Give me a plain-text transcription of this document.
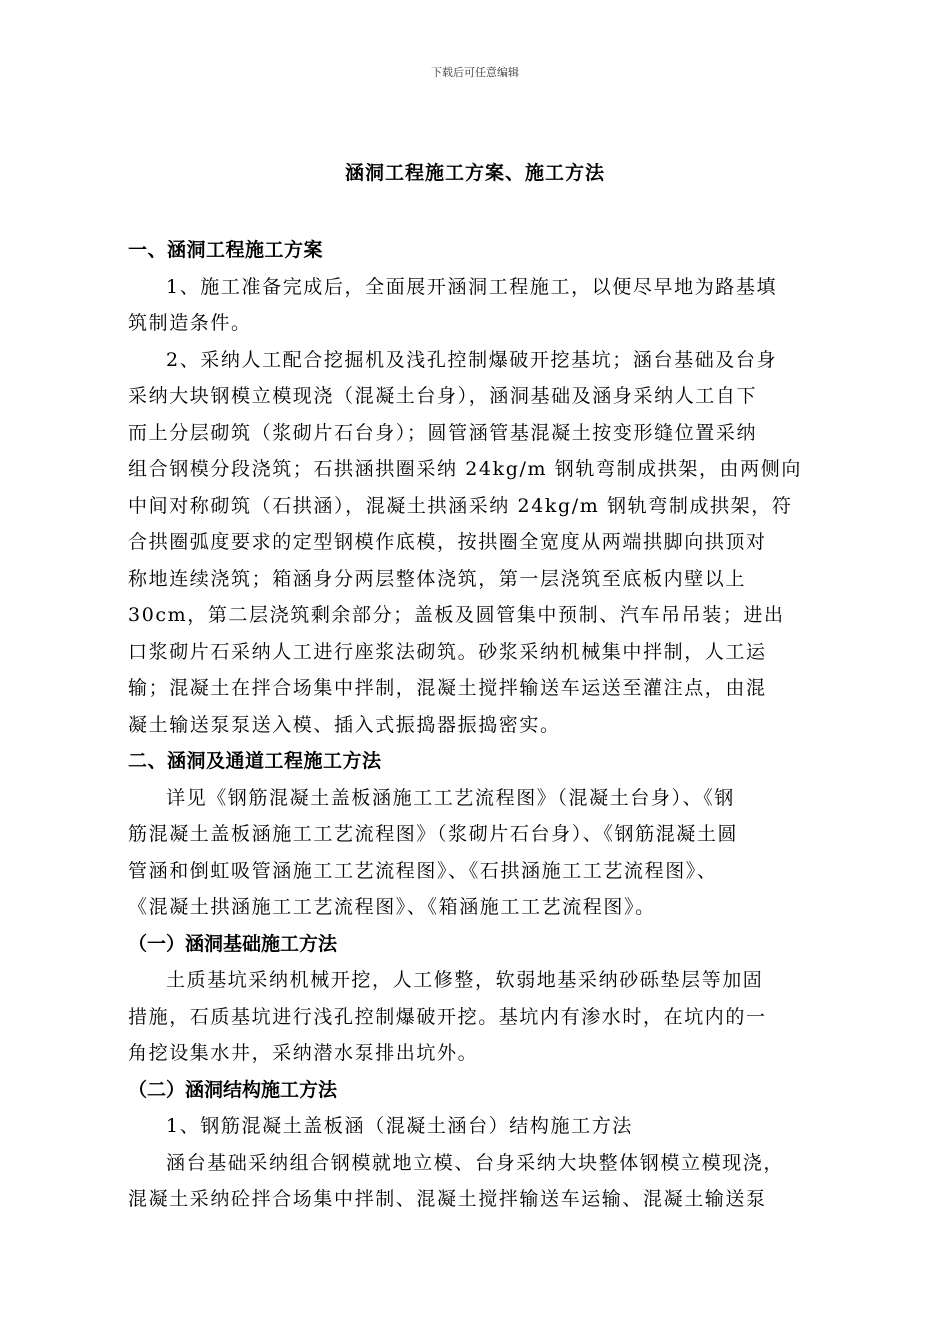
下载后可任意编辑
涵洞工程施工方案、施工方法
一、涵洞工程施工方案
1、施工准备完成后，全面展开涵洞工程施工，以便尽早地为路基填
筑制造条件。
2、采纳人工配合挖掘机及浅孔控制爆破开挖基坑；涵台基础及台身
采纳大块钢模立模现浇（混凝土台身），涵洞基础及涵身采纳人工自下
而上分层砌筑（浆砌片石台身）；圆管涵管基混凝土按变形缝位置采纳
组合钢模分段浇筑；石拱涵拱圈采纳 24kg/m 钢轨弯制成拱架，由两侧向
中间对称砌筑（石拱涵），混凝土拱涵采纳 24kg/m 钢轨弯制成拱架，符
合拱圈弧度要求的定型钢模作底模，按拱圈全宽度从两端拱脚向拱顶对
称地连续浇筑；箱涵身分两层整体浇筑，第一层浇筑至底板内壁以上
30cm，第二层浇筑剩余部分；盖板及圆管集中预制、汽车吊吊装；进出
口浆砌片石采纳人工进行座浆法砌筑。砂浆采纳机械集中拌制，人工运
输；混凝土在拌合场集中拌制，混凝土搅拌输送车运送至灌注点，由混
凝土输送泵泵送入模、插入式振捣器振捣密实。
二、涵洞及通道工程施工方法
详见《钢筋混凝土盖板涵施工工艺流程图》（混凝土台身）、《钢
筋混凝土盖板涵施工工艺流程图》（浆砌片石台身）、《钢筋混凝土圆
管涵和倒虹吸管涵施工工艺流程图》、《石拱涵施工工艺流程图》、
《混凝土拱涵施工工艺流程图》、《箱涵施工工艺流程图》。
（一）涵洞基础施工方法
土质基坑采纳机械开挖，人工修整，软弱地基采纳砂砾垫层等加固
措施，石质基坑进行浅孔控制爆破开挖。基坑内有渗水时，在坑内的一
角挖设集水井，采纳潜水泵排出坑外。
（二）涵洞结构施工方法
1、钢筋混凝土盖板涵（混凝土涵台）结构施工方法
涵台基础采纳组合钢模就地立模、台身采纳大块整体钢模立模现浇，
混凝土采纳砼拌合场集中拌制、混凝土搅拌输送车运输、混凝土输送泵
